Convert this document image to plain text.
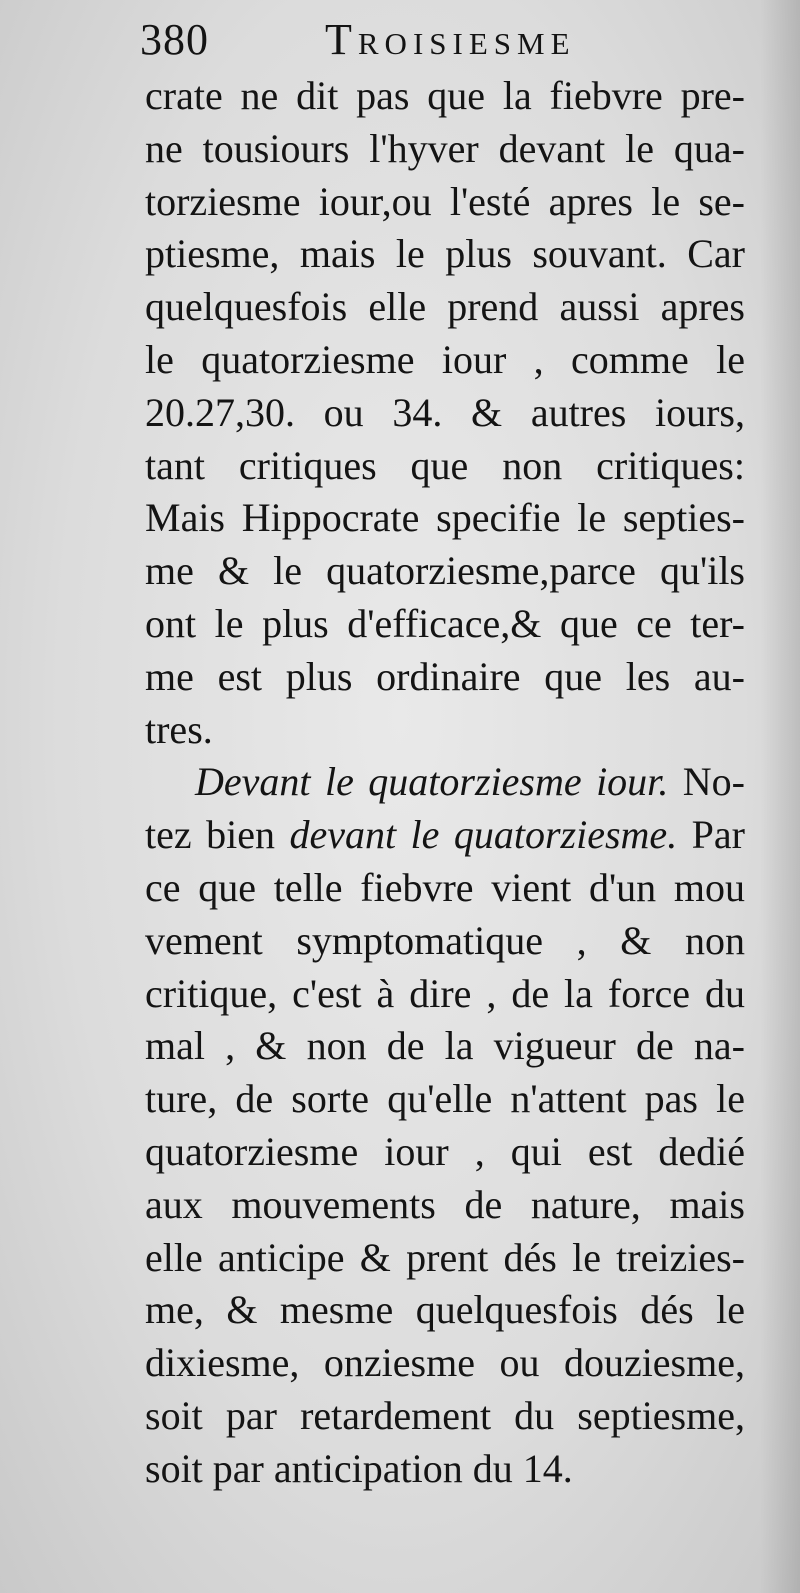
380	Troisiesme
crate ne dit pas que la fiebvre pre-
ne tousiours l'hyver devant le qua-
torziesme iour,ou l'esté apres le se-
ptiesme, mais le plus souvant. Car
quelquesfois elle prend aussi apres
le quatorziesme iour , comme le
20.27,30. ou 34. & autres iours,
tant critiques que non critiques:
Mais Hippocrate specifie le septies-
me & le quatorziesme,parce qu'ils
ont le plus d'efficace,& que ce ter-
me est plus ordinaire que les au-
tres.
Devant le quatorziesme iour. No-
tez bien devant le quatorziesme. Par
ce que telle fiebvre vient d'un mou
vement symptomatique , & non
critique, c'est à dire , de la force du
mal , & non de la vigueur de na-
ture, de sorte qu'elle n'attent pas le
quatorziesme iour , qui est dedié
aux mouvements de nature, mais
elle anticipe & prent dés le treizies-
me, & mesme quelquesfois dés le
dixiesme, onziesme ou douziesme,
soit par retardement du septiesme,
soit par anticipation du 14.
